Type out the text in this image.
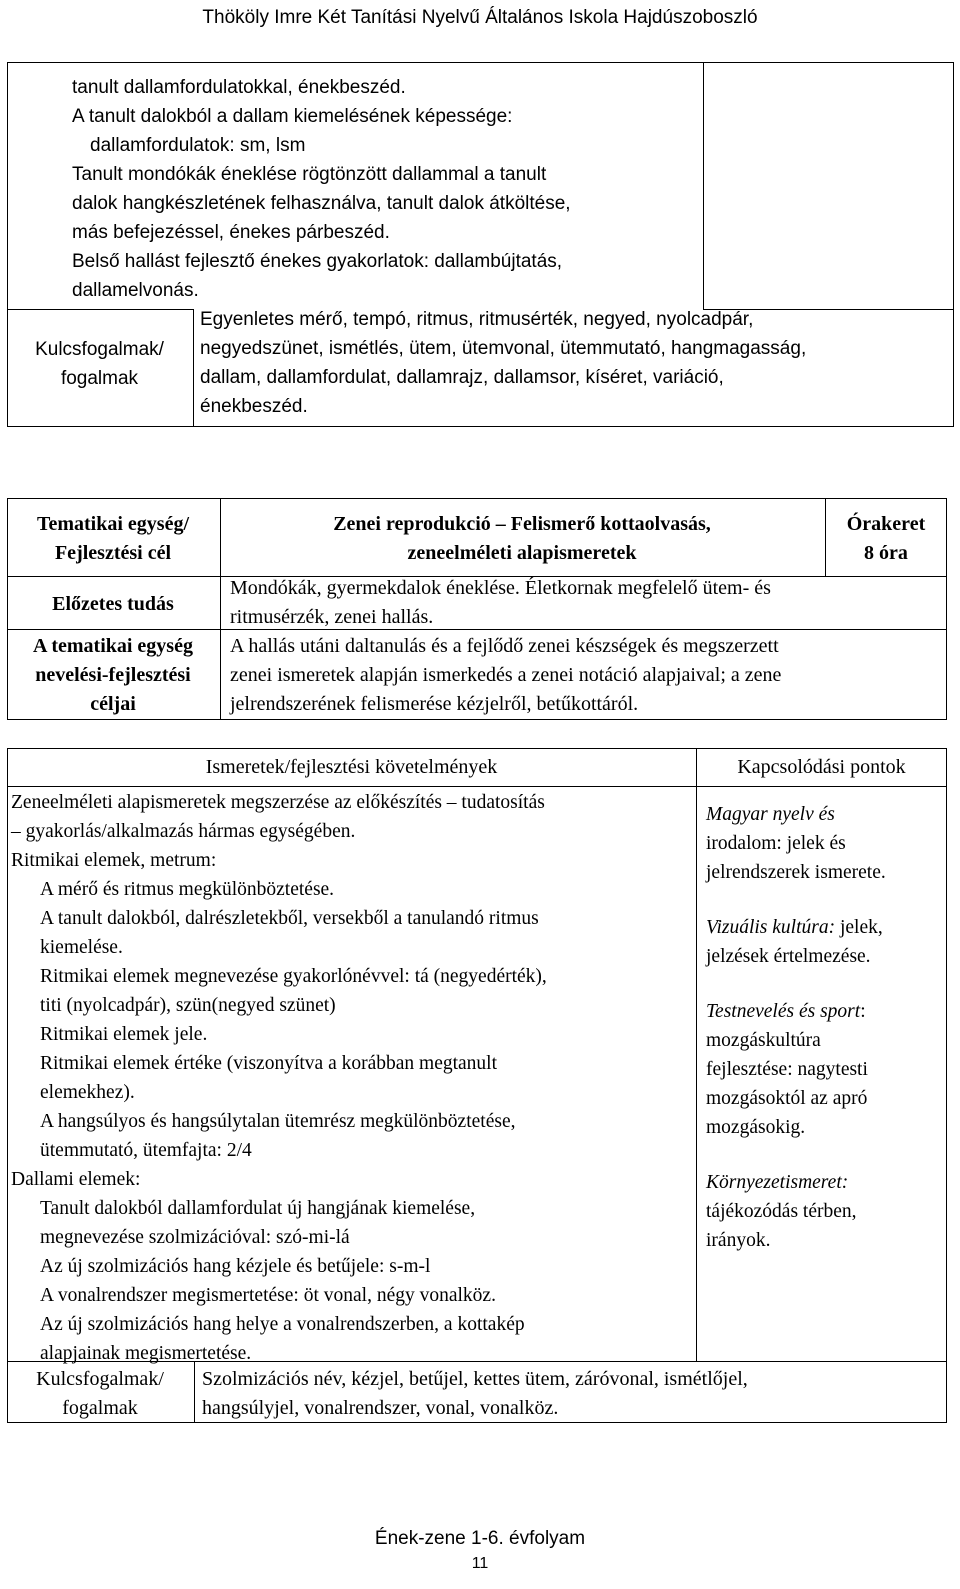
Thököly Imre Két Tanítási Nyelvű Általános Iskola Hajdúszoboszló
tanult dallamfordulatokkal, énekbeszéd.
A tanult dalokból a dallam kiemelésének képessége:
dallamfordulatok: sm, lsm
Tanult mondókák éneklése rögtönzött dallammal a tanult
dalok hangkészletének felhasználva, tanult dalok átköltése,
más befejezéssel, énekes párbeszéd.
Belső hallást fejlesztő énekes gyakorlatok: dallambújtatás,
dallamelvonás.
Kulcsfogalmak/
fogalmak
Egyenletes mérő, tempó, ritmus, ritmusérték, negyed, nyolcadpár,
negyedszünet, ismétlés, ütem, ütemvonal, ütemmutató, hangmagasság,
dallam, dallamfordulat, dallamrajz, dallamsor, kíséret, variáció,
énekbeszéd.
Tematikai egység/
Fejlesztési cél
Zenei reprodukció – Felismerő kottaolvasás,
zeneelméleti alapismeretek
Órakeret
8 óra
Előzetes tudás
Mondókák, gyermekdalok éneklése. Életkornak megfelelő ütem- és
ritmusérzék, zenei hallás.
A tematikai egység
nevelési-fejlesztési
céljai
A hallás utáni daltanulás és a fejlődő zenei készségek és megszerzett
zenei ismeretek alapján ismerkedés a zenei notáció alapjaival; a zene
jelrendszerének felismerése kézjelről, betűkottáról.
Ismeretek/fejlesztési követelmények	Kapcsolódási pontok
Zeneelméleti alapismeretek megszerzése az előkészítés – tudatosítás
– gyakorlás/alkalmazás hármas egységében.
Ritmikai elemek, metrum:
A mérő és ritmus megkülönböztetése.
A tanult dalokból, dalrészletekből, versekből a tanulandó ritmus
kiemelése.
Ritmikai elemek megnevezése gyakorlónévvel: tá (negyedérték),
titi (nyolcadpár), szün(negyed szünet)
Ritmikai elemek jele.
Ritmikai elemek értéke (viszonyítva a korábban megtanult
elemekhez).
A hangsúlyos és hangsúlytalan ütemrész megkülönböztetése,
ütemmutató, ütemfajta: 2/4
Dallami elemek:
Tanult dalokból dallamfordulat új hangjának kiemelése,
megnevezése szolmizációval: szó-mi-lá
Az új szolmizációs hang kézjele és betűjele: s-m-l
A vonalrendszer megismertetése: öt vonal, négy vonalköz.
Az új szolmizációs hang helye a vonalrendszerben, a kottakép
alapjainak megismertetése.
Magyar nyelv és
irodalom: jelek és
jelrendszerek ismerete.
Vizuális kultúra: jelek,
jelzések értelmezése.
Testnevelés és sport:
mozgáskultúra
fejlesztése: nagytesti
mozgásoktól az apró
mozgásokig.
Környezetismeret:
tájékozódás térben,
irányok.
Kulcsfogalmak/
fogalmak
Szolmizációs név, kézjel, betűjel, kettes ütem, záróvonal, ismétlőjel,
hangsúlyjel, vonalrendszer, vonal, vonalköz.
Ének-zene 1-6. évfolyam
11
